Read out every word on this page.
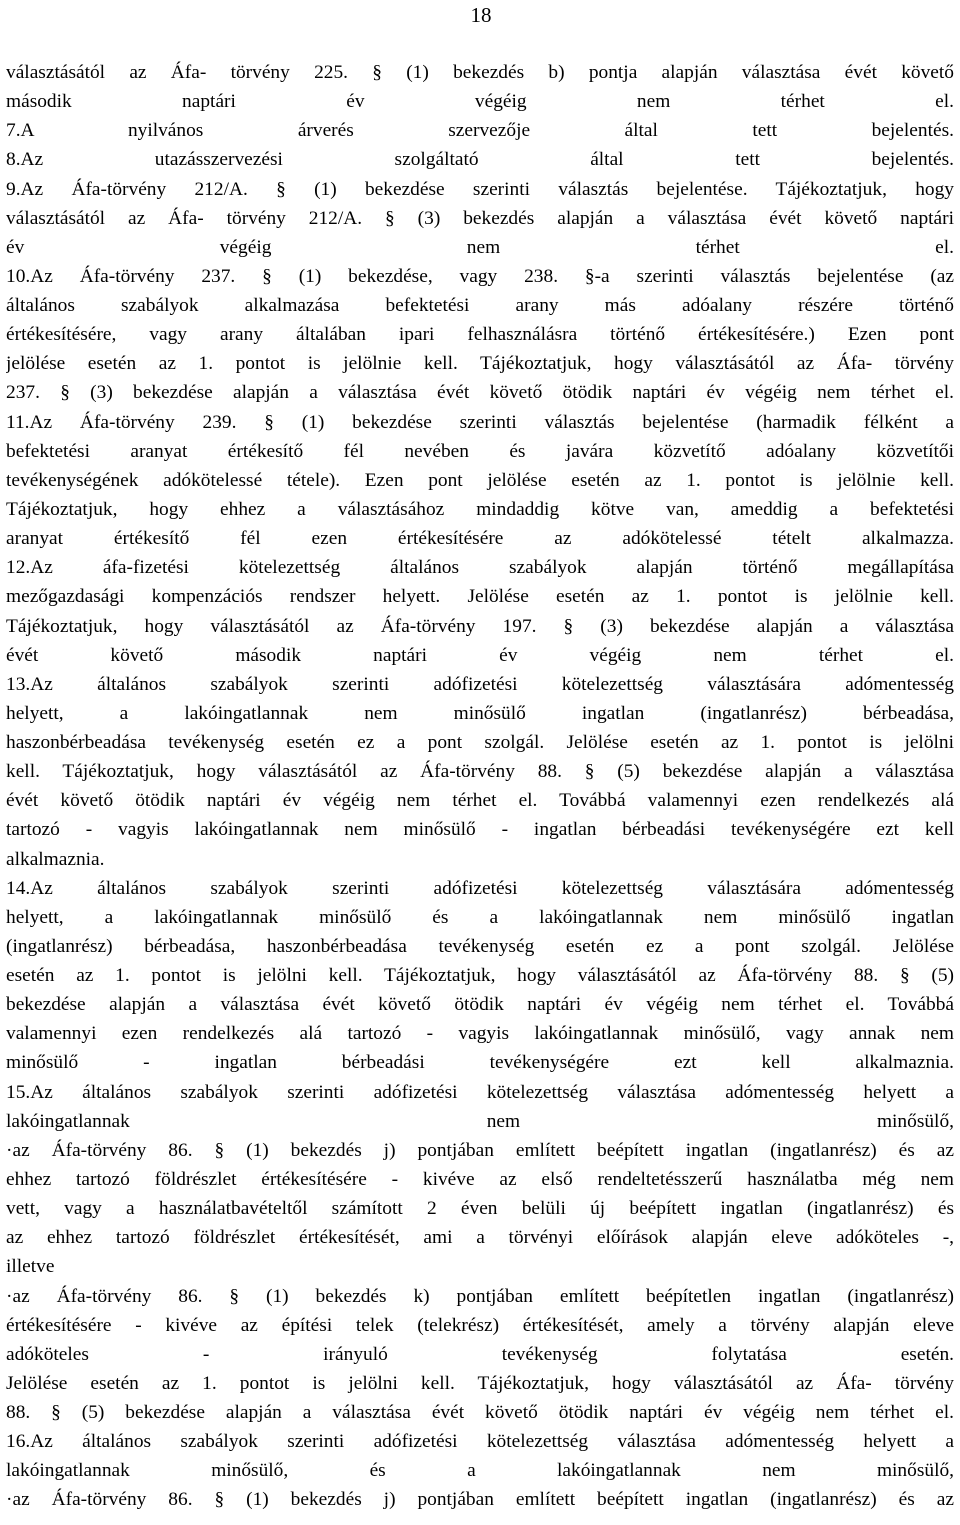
18
választásától az Áfa- törvény 225. § (1) bekezdés b) pontja alapján választása évét követő
második naptári év végéig nem térhet el.
7.A nyilvános árverés szervezője által tett bejelentés.
8.Az utazásszervezési szolgáltató által tett bejelentés.
9.Az Áfa-törvény 212/A. § (1) bekezdése szerinti választás bejelentése. Tájékoztatjuk, hogy
választásától az Áfa- törvény 212/A. § (3) bekezdés alapján a választása évét követő naptári
év végéig nem térhet el.
10.Az Áfa-törvény 237. § (1) bekezdése, vagy 238. §-a szerinti választás bejelentése (az
általános szabályok alkalmazása befektetési arany más adóalany részére történő
értékesítésére, vagy arany általában ipari felhasználásra történő értékesítésére.) Ezen pont
jelölése esetén az 1. pontot is jelölnie kell. Tájékoztatjuk, hogy választásától az Áfa- törvény
237. § (3) bekezdése alapján a választása évét követő ötödik naptári év végéig nem térhet el.
11.Az Áfa-törvény 239. § (1) bekezdése szerinti választás bejelentése (harmadik félként a
befektetési aranyat értékesítő fél nevében és javára közvetítő adóalany közvetítői
tevékenységének adókötelessé tétele). Ezen pont jelölése esetén az 1. pontot is jelölnie kell.
Tájékoztatjuk, hogy ehhez a választásához mindaddig kötve van, ameddig a befektetési
aranyat értékesítő fél ezen értékesítésére az adókötelessé tételt alkalmazza.
12.Az áfa-fizetési kötelezettség általános szabályok alapján történő megállapítása
mezőgazdasági kompenzációs rendszer helyett. Jelölése esetén az 1. pontot is jelölnie kell.
Tájékoztatjuk, hogy választásától az Áfa-törvény 197. § (3) bekezdése alapján a választása
évét követő második naptári év végéig nem térhet el.
13.Az általános szabályok szerinti adófizetési kötelezettség választására adómentesség
helyett, a lakóingatlannak nem minősülő ingatlan (ingatlanrész) bérbeadása,
haszonbérbeadása tevékenység esetén ez a pont szolgál. Jelölése esetén az 1. pontot is jelölni
kell. Tájékoztatjuk, hogy választásától az Áfa-törvény 88. § (5) bekezdése alapján a választása
évét követő ötödik naptári év végéig nem térhet el. Továbbá valamennyi ezen rendelkezés alá
tartozó - vagyis lakóingatlannak nem minősülő - ingatlan bérbeadási tevékenységére ezt kell
alkalmaznia.
14.Az általános szabályok szerinti adófizetési kötelezettség választására adómentesség
helyett, a lakóingatlannak minősülő és a lakóingatlannak nem minősülő ingatlan
(ingatlanrész) bérbeadása, haszonbérbeadása tevékenység esetén ez a pont szolgál. Jelölése
esetén az 1. pontot is jelölni kell. Tájékoztatjuk, hogy választásától az Áfa-törvény 88. § (5)
bekezdése alapján a választása évét követő ötödik naptári év végéig nem térhet el. Továbbá
valamennyi ezen rendelkezés alá tartozó - vagyis lakóingatlannak minősülő, vagy annak nem
minősülő - ingatlan bérbeadási tevékenységére ezt kell alkalmaznia.
15.Az általános szabályok szerinti adófizetési kötelezettség választása adómentesség helyett a
lakóingatlannak nem minősülő,
·az Áfa-törvény 86. § (1) bekezdés j) pontjában említett beépített ingatlan (ingatlanrész) és az
ehhez tartozó földrészlet értékesítésére - kivéve az első rendeltetésszerű használatba még nem
vett, vagy a használatbavételtől számított 2 éven belüli új beépített ingatlan (ingatlanrész) és
az ehhez tartozó földrészlet értékesítését, ami a törvényi előírások alapján eleve adóköteles -,
illetve
·az Áfa-törvény 86. § (1) bekezdés k) pontjában említett beépítetlen ingatlan (ingatlanrész)
értékesítésére - kivéve az építési telek (telekrész) értékesítését, amely a törvény alapján eleve
adóköteles - irányuló tevékenység folytatása esetén.
Jelölése esetén az 1. pontot is jelölni kell. Tájékoztatjuk, hogy választásától az Áfa- törvény
88. § (5) bekezdése alapján a választása évét követő ötödik naptári év végéig nem térhet el.
16.Az általános szabályok szerinti adófizetési kötelezettség választása adómentesség helyett a
lakóingatlannak minősülő, és a lakóingatlannak nem minősülő,
·az Áfa-törvény 86. § (1) bekezdés j) pontjában említett beépített ingatlan (ingatlanrész) és az
